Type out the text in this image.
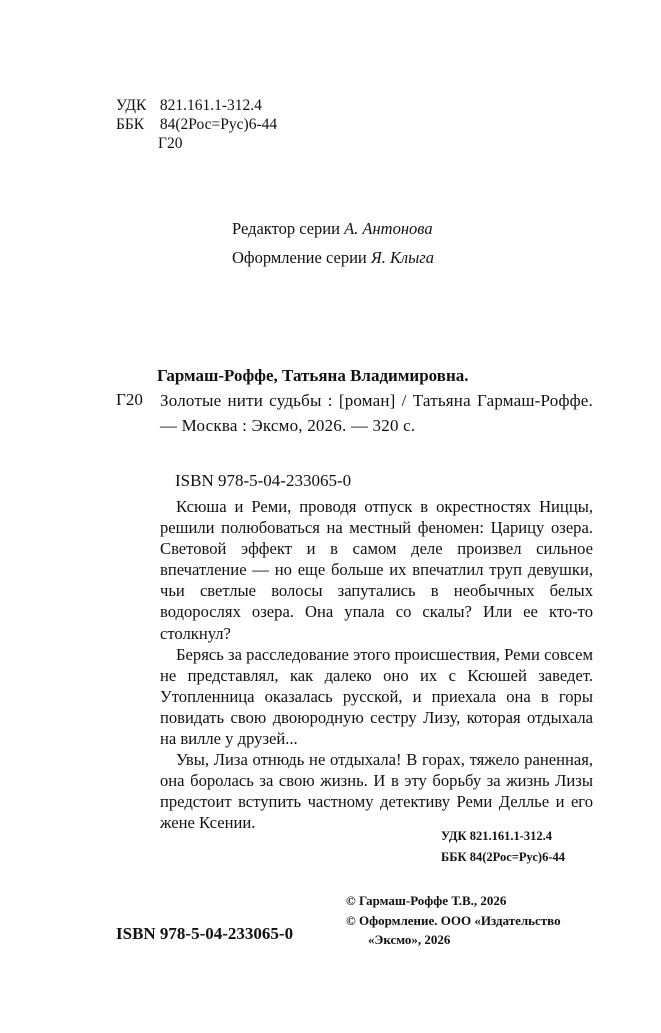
УДК 821.161.1-312.4
ББК 84(2Рос=Рус)6-44
Г20
Редактор серии А. Антонова
Оформление серии Я. Клыга
Гармаш-Роффе, Татьяна Владимировна.
Г20 Золотые нити судьбы : [роман] / Татьяна Гармаш-Роффе. — Москва : Эксмо, 2026. — 320 с.
ISBN 978-5-04-233065-0

Ксюша и Реми, проводя отпуск в окрестностях Ниццы, решили полюбоваться на местный феномен: Царицу озера. Световой эффект и в самом деле произвел сильное впечатление — но еще больше их впечатлил труп девушки, чьи светлые волосы запутались в необычных белых водорослях озера. Она упала со скалы? Или ее кто-то столкнул?

Берясь за расследование этого происшествия, Реми совсем не представлял, как далеко оно их с Ксюшей заведет. Утопленница оказалась русской, и приехала она в горы повидать свою двоюродную сестру Лизу, которая отдыхала на вилле у друзей...

Увы, Лиза отнюдь не отдыхала! В горах, тяжело раненная, она боролась за свою жизнь. И в эту борьбу за жизнь Лизы предстоит вступить частному детективу Реми Деллье и его жене Ксении.

УДК 821.161.1-312.4
ББК 84(2Рос=Рус)6-44
© Гармаш-Роффе Т.В., 2026
© Оформление. ООО «Издательство
«Эксмо», 2026
ISBN 978-5-04-233065-0
